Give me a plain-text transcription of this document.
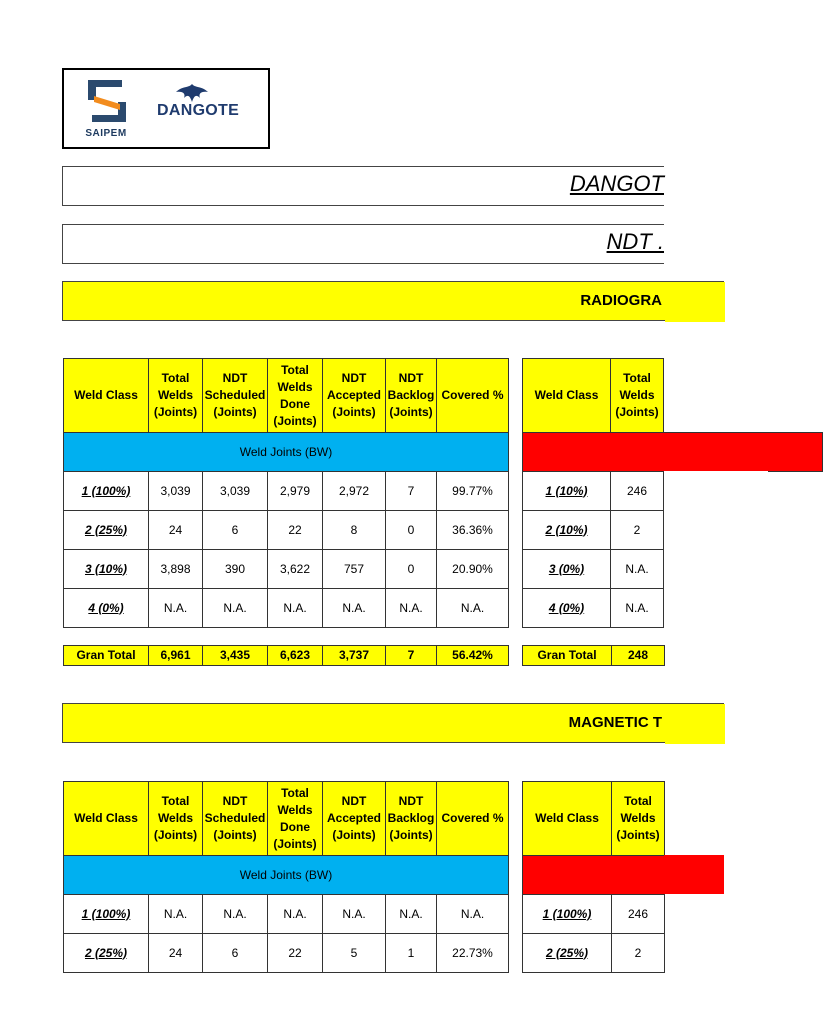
SAIPEM
DANGOTE
DANGOT
NDT .
RADIOGRA
Weld Class	Total Welds (Joints)	NDT Scheduled (Joints)	Total Welds Done (Joints)	NDT Accepted (Joints)	NDT Backlog (Joints)	Covered %
Weld Joints (BW)						
1 (100%)	3,039	3,039	2,979	2,972	7	99.77%
2 (25%)	24	6	22	8	0	36.36%
3 (10%)	3,898	390	3,622	757	0	20.90%
4 (0%)	N.A.	N.A.	N.A.	N.A.	N.A.	N.A.
Gran Total	6,961	3,435	6,623	3,737	7	56.42%
Weld Class	Total Welds (Joints)	

1 (10%)	246	
2 (10%)	2	
3 (0%)	N.A.	
4 (0%)	N.A.	
Gran Total	248
MAGNETIC T
Weld Class	Total Welds (Joints)	NDT Scheduled (Joints)	Total Welds Done (Joints)	NDT Accepted (Joints)	NDT Backlog (Joints)	Covered %
Weld Joints (BW)						
1 (100%)	N.A.	N.A.	N.A.	N.A.	N.A.	N.A.
2 (25%)	24	6	22	5	1	22.73%
Weld Class	Total Welds (Joints)

1 (100%)	246
2 (25%)	2
